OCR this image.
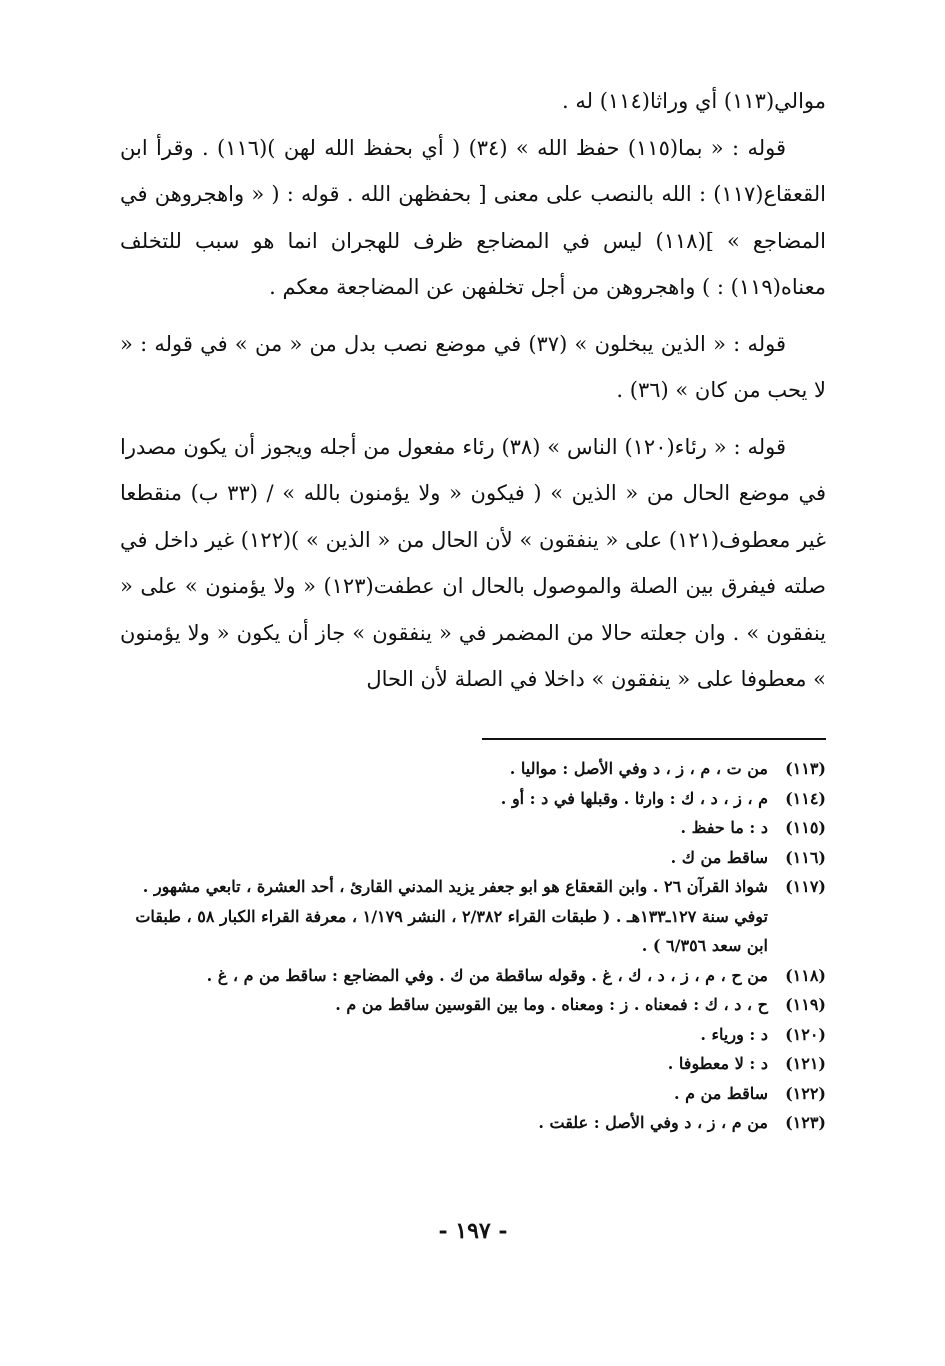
موالي(١١٣) أي وراثا(١١٤) له .

قوله : « بما(١١٥) حفظ الله » (٣٤) ( أي بحفظ الله لهن )(١١٦) . وقرأ ابن القعقاع(١١٧) : الله بالنصب على معنى [ بحفظهن الله . قوله : ( « واهجروهن في المضاجع » ](١١٨) ليس في المضاجع ظرف للهجران انما هو سبب للتخلف معناه(١١٩) : ) واهجروهن من أجل تخلفهن عن المضاجعة معكم .

قوله : « الذين يبخلون » (٣٧) في موضع نصب بدل من « من » في قوله : « لا يحب من كان » (٣٦) .

قوله : « رئاء(١٢٠) الناس » (٣٨) رئاء مفعول من أجله ويجوز أن يكون مصدرا في موضع الحال من « الذين » ( فيكون « ولا يؤمنون بالله » / (٣٣ ب) منقطعا غير معطوف(١٢١) على « ينفقون » لأن الحال من « الذين » )(١٢٢) غير داخل في صلته فيفرق بين الصلة والموصول بالحال ان عطفت(١٢٣) « ولا يؤمنون » على « ينفقون » . وان جعلته حالا من المضمر في « ينفقون » جاز أن يكون « ولا يؤمنون » معطوفا على « ينفقون » داخلا في الصلة لأن الحال

(١١٣)
من ت ، م ، ز ، د وفي الأصل : مواليا .

(١١٤)
م ، ز ، د ، ك : وارثا . وقبلها في د : أو .

(١١٥)
د : ما حفظ .

(١١٦)
ساقط من ك .

(١١٧)
شواذ القرآن ٢٦ . وابن القعقاع هو ابو جعفر يزيد المدني القارئ ، أحد العشرة ، تابعي مشهور . توفي سنة ١٢٧ـ١٣٣هـ . ( طبقات القراء ٢/٣٨٢ ، النشر ١/١٧٩ ، معرفة القراء الكبار ٥٨ ، طبقات ابن سعد ٦/٣٥٦ ) .

(١١٨)
من ح ، م ، ز ، د ، ك ، غ . وقوله ساقطة من ك . وفي المضاجع : ساقط من م ، غ .

(١١٩)
ح ، د ، ك : فمعناه . ز : ومعناه . وما بين القوسين ساقط من م .

(١٢٠)
د : ورياء .

(١٢١)
د : لا معطوفا .

(١٢٢)
ساقط من م .

(١٢٣)
من م ، ز ، د وفي الأصل : علقت .

- ١٩٧ -
